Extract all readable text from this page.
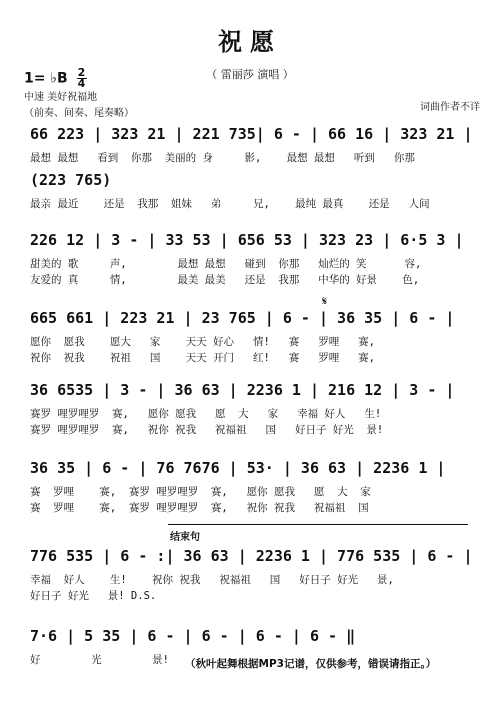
祝愿
（ 雷丽莎 演唱 ）
1= ♭B $\frac{2}{4}$
中速 美好祝福地
（前奏、间奏、尾奏略）
词曲作者不详
66 223 | 323 21 | 221 735| 6 - | 66 16 | 323 21 |
最想 最想   看到  你那  美丽的 身     影,    最想 最想   听到   你那
(223 765)
最亲 最近    还是  我那  姐妹   弟     兄,    最纯 最真    还是   人间
226 12 | 3 - | 33 53 | 656 53 | 323 23 | 6·5 3 |
甜美的 歌     声,        最想 最想   碰到  你那   灿烂的 笑      容,
友爱的 真     情,        最美 最美   还是  我那   中华的 好景    色,
𝄋
665 661 | 223 21 | 23 765 | 6 - | 36 35 | 6 - |
愿你  愿我    愿大   家    天天 好心   情!   赛   罗哩   赛,
祝你  祝我    祝祖   国    天天 开门   红!   赛   罗哩   赛,
36 6535 | 3 - | 36 63 | 2236 1 | 216 12 | 3 - |
赛罗 哩罗哩罗  赛,   愿你 愿我   愿  大   家   幸福 好人   生!
赛罗 哩罗哩罗  赛,   祝你 祝我   祝福祖   国   好日子 好光  景!
36 35 | 6 - | 76 7676 | 53· | 36 63 | 2236 1 |
赛  罗哩    赛,  赛罗 哩罗哩罗  赛,   愿你 愿我   愿  大  家
赛  罗哩    赛,  赛罗 哩罗哩罗  赛,   祝你 祝我   祝福祖  国
结束句
776 535 | 6 - :| 36 63 | 2236 1 | 776 535 | 6 - |
幸福  好人    生!    祝你 祝我   祝福祖   国   好日子 好光   景,
好日子 好光   景! D.S.
7·6 | 5 35 | 6 - | 6 - | 6 - | 6 - ‖
好        光        景!	（秋叶起舞根据MP3记谱，仅供参考，错误请指正。）
